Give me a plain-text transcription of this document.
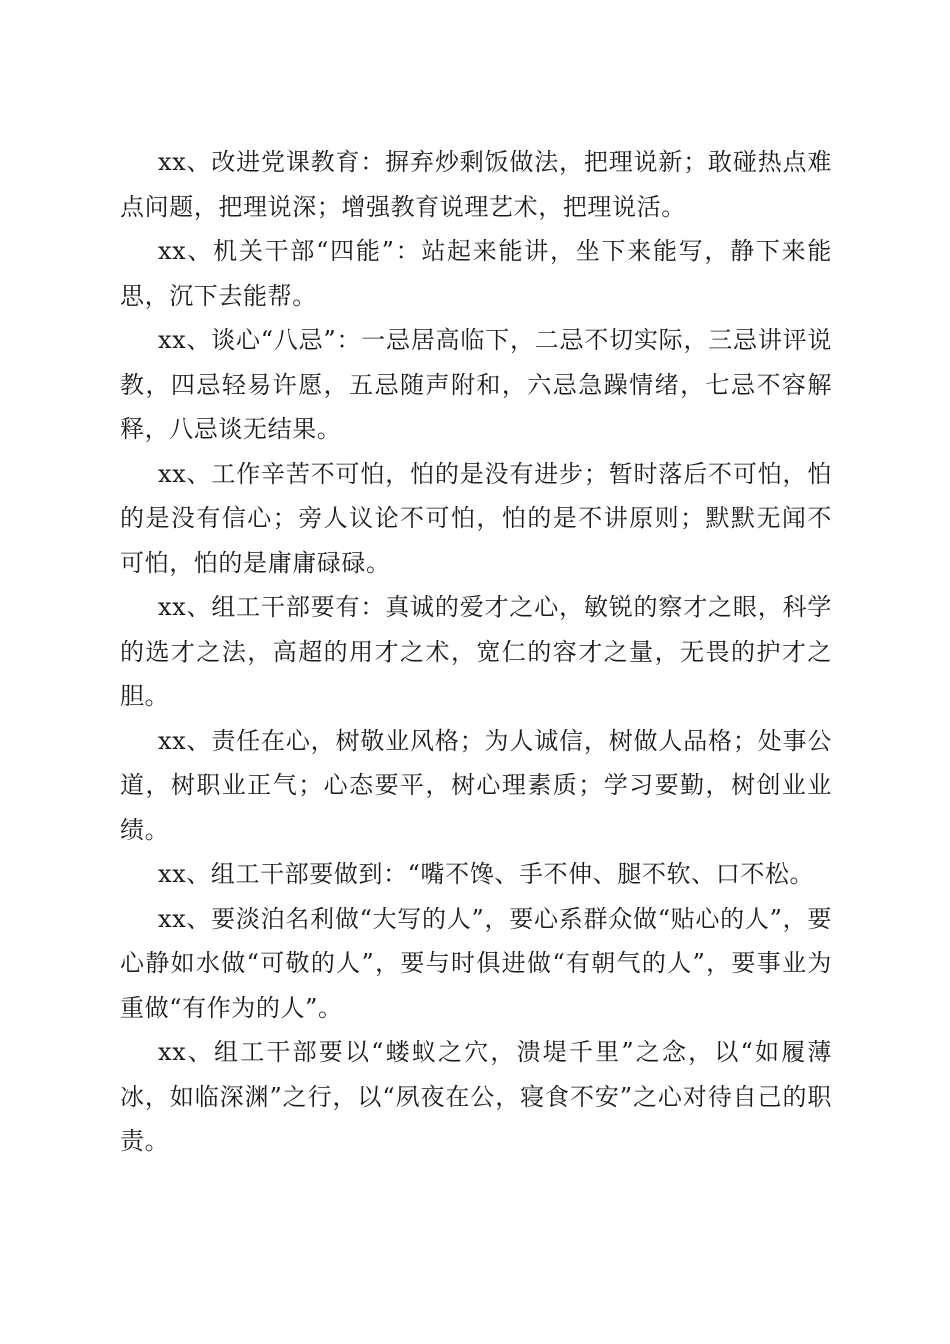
xx、改进党课教育：摒弃炒剩饭做法，把理说新；敢碰热点难点问题，把理说深；增强教育说理艺术，把理说活。

xx、机关干部“四能”：站起来能讲，坐下来能写，静下来能思，沉下去能帮。

xx、谈心“八忌”：一忌居高临下，二忌不切实际，三忌讲评说教，四忌轻易许愿，五忌随声附和，六忌急躁情绪，七忌不容解释，八忌谈无结果。

xx、工作辛苦不可怕，怕的是没有进步；暂时落后不可怕，怕的是没有信心；旁人议论不可怕，怕的是不讲原则；默默无闻不可怕，怕的是庸庸碌碌。

xx、组工干部要有：真诚的爱才之心，敏锐的察才之眼，科学的选才之法，高超的用才之术，宽仁的容才之量，无畏的护才之胆。

xx、责任在心，树敬业风格；为人诚信，树做人品格；处事公道，树职业正气；心态要平，树心理素质；学习要勤，树创业业绩。

xx、组工干部要做到：“嘴不馋、手不伸、腿不软、口不松。

xx、要淡泊名利做“大写的人”，要心系群众做“贴心的人”，要心静如水做“可敬的人”，要与时俱进做“有朝气的人”，要事业为重做“有作为的人”。

xx、组工干部要以“蝼蚁之穴，溃堤千里”之念，以“如履薄冰，如临深渊”之行，以“夙夜在公，寝食不安”之心对待自己的职责。
